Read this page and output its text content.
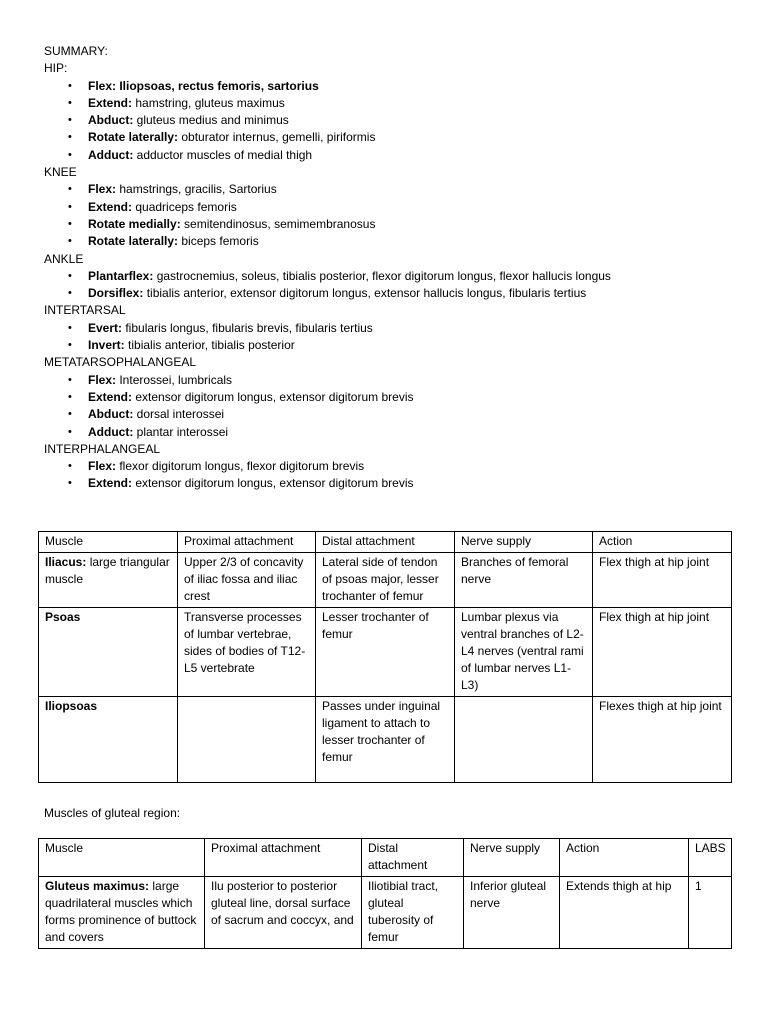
SUMMARY:
HIP:
• Flex: Iliopsoas, rectus femoris, sartorius
• Extend: hamstring, gluteus maximus
• Abduct: gluteus medius and minimus
• Rotate laterally: obturator internus, gemelli, piriformis
• Adduct: adductor muscles of medial thigh
KNEE
• Flex: hamstrings, gracilis, Sartorius
• Extend: quadriceps femoris
• Rotate medially: semitendinosus, semimembranosus
• Rotate laterally: biceps femoris
ANKLE
• Plantarflex: gastrocnemius, soleus, tibialis posterior, flexor digitorum longus, flexor hallucis longus
• Dorsiflex: tibialis anterior, extensor digitorum longus, extensor hallucis longus, fibularis tertius
INTERTARSAL
• Evert: fibularis longus, fibularis brevis, fibularis tertius
• Invert: tibialis anterior, tibialis posterior
METATARSOPHALANGEAL
• Flex: Interossei, lumbricals
• Extend: extensor digitorum longus, extensor digitorum brevis
• Abduct: dorsal interossei
• Adduct: plantar interossei
INTERPHALANGEAL
• Flex: flexor digitorum longus, flexor digitorum brevis
• Extend: extensor digitorum longus, extensor digitorum brevis
Muscle	Proximal attachment	Distal attachment	Nerve supply	Action
Iliacus: large triangular muscle	Upper 2/3 of concavity of iliac fossa and iliac crest	Lateral side of tendon of psoas major, lesser trochanter of femur	Branches of femoral nerve	Flex thigh at hip joint
Psoas	Transverse processes of lumbar vertebrae, sides of bodies of T12-L5 vertebrate	Lesser trochanter of femur	Lumbar plexus via ventral branches of L2-L4 nerves (ventral rami of lumbar nerves L1-L3)	Flex thigh at hip joint
Iliopsoas		Passes under inguinal ligament to attach to lesser trochanter of femur		Flexes thigh at hip joint
Muscles of gluteal region:
Muscle	Proximal attachment	Distal attachment	Nerve supply	Action	LABS
Gluteus maximus: large quadrilateral muscles which forms prominence of buttock and covers	Ilu posterior to posterior gluteal line, dorsal surface of sacrum and coccyx, and	Iliotibial tract, gluteal tuberosity of femur	Inferior gluteal nerve	Extends thigh at hip	1
